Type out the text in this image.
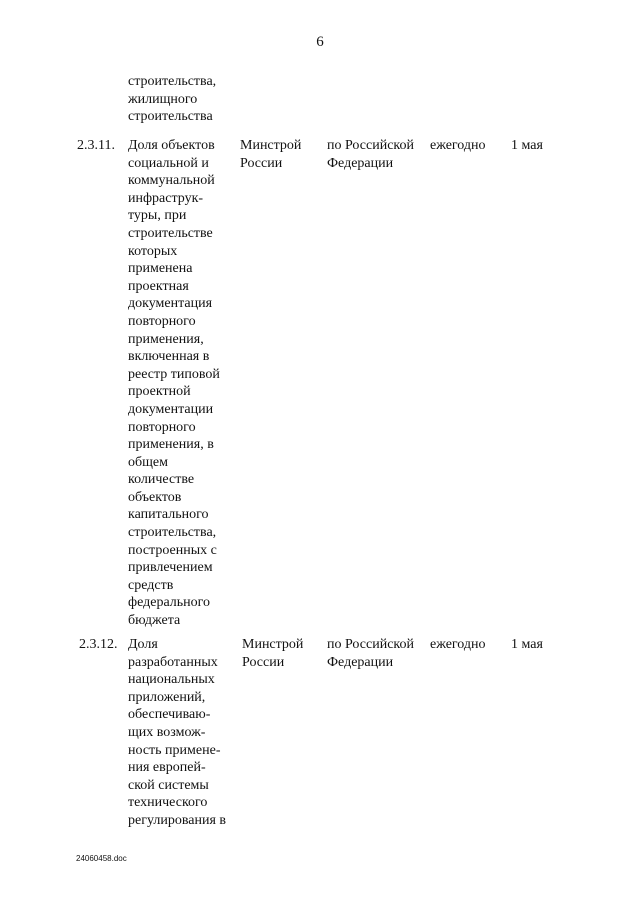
6
строительства,
жилищного
строительства
2.3.11. Доля объектов
социальной и
коммунальной
инфраструк-
туры, при
строительстве
которых
применена
проектная
документация
повторного
применения,
включенная в
реестр типовой
проектной
документации
повторного
применения, в
общем
количестве
объектов
капитального
строительства,
построенных с
привлечением
средств
федерального
бюджета
Минстрой
России
по Российской
Федерации
ежегодно 1 мая
2.3.12. Доля
разработанных
национальных
приложений,
обеспечиваю-
щих возмож-
ность примене-
ния европей-
ской системы
технического
регулирования в
Минстрой
России
по Российской
Федерации
ежегодно 1 мая
24060458.doc
